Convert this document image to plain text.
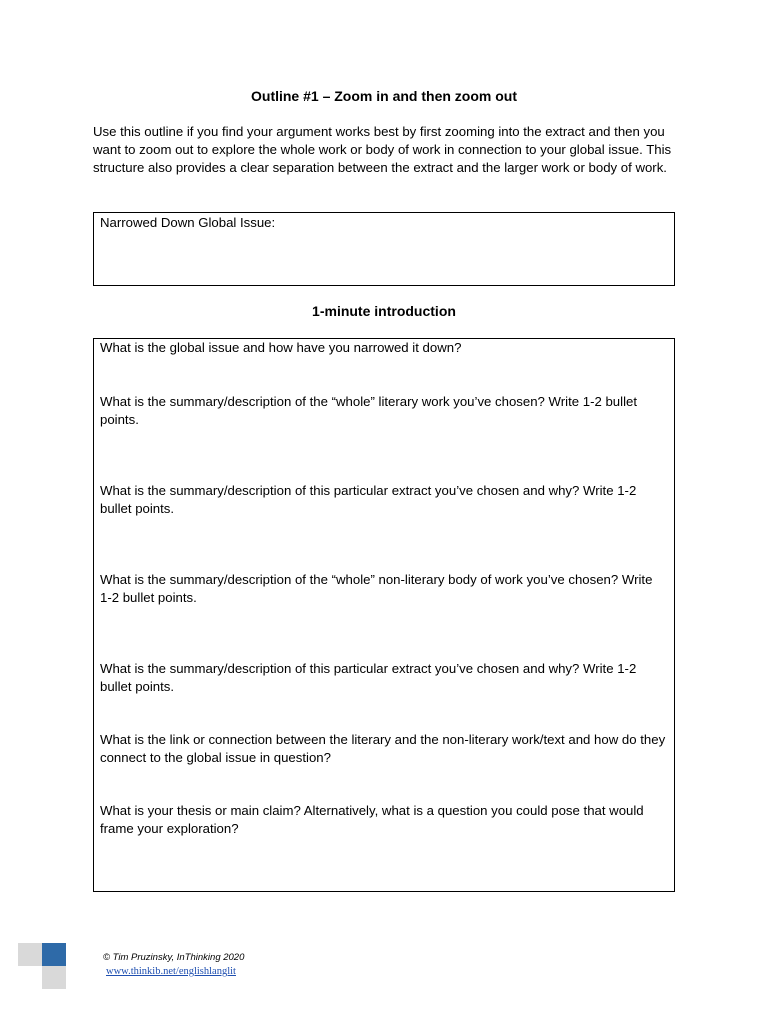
Outline #1 – Zoom in and then zoom out
Use this outline if you find your argument works best by first zooming into the extract and then you want to zoom out to explore the whole work or body of work in connection to your global issue. This structure also provides a clear separation between the extract and the larger work or body of work.
Narrowed Down Global Issue:
1-minute introduction
What is the global issue and how have you narrowed it down?
What is the summary/description of the “whole” literary work you’ve chosen? Write 1-2 bullet points.
What is the summary/description of this particular extract you’ve chosen and why? Write 1-2 bullet points.
What is the summary/description of the “whole” non-literary body of work you’ve chosen? Write 1-2 bullet points.
What is the summary/description of this particular extract you’ve chosen and why? Write 1-2 bullet points.
What is the link or connection between the literary and the non-literary work/text and how do they connect to the global issue in question?
What is your thesis or main claim? Alternatively, what is a question you could pose that would frame your exploration?
© Tim Pruzinsky, InThinking 2020
www.thinkib.net/englishlanglit
